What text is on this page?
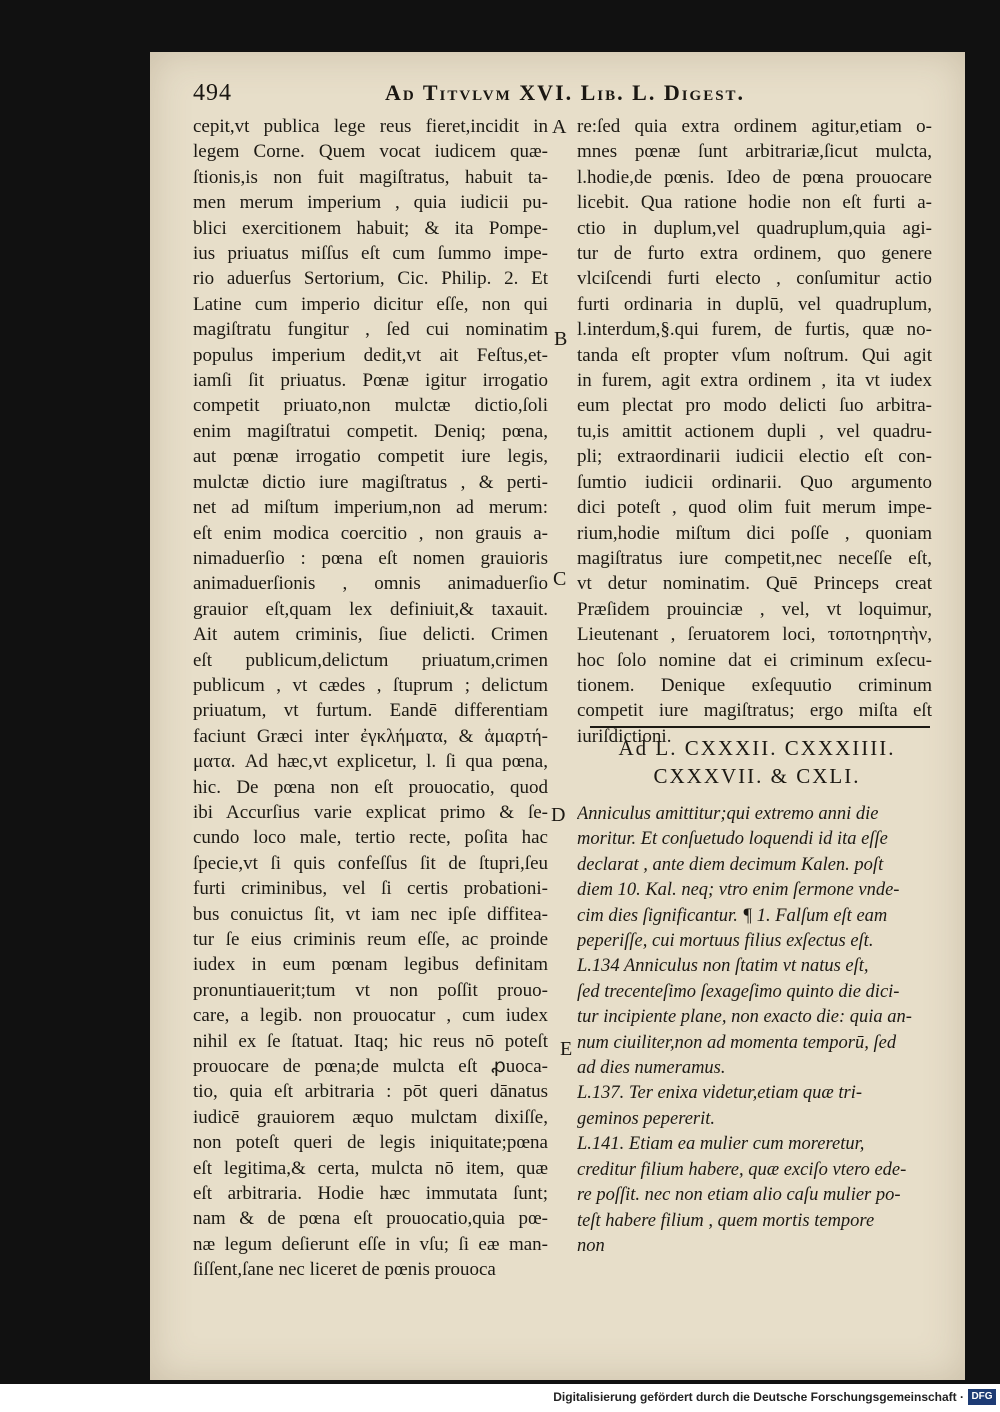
494	Ad Titvlvm XVI. Lib. L. Digest.
cepit,vt publica lege reus fieret,incidit in
legem Corne. Quem vocat iudicem quæ-
ſtionis,is non fuit magiſtratus, habuit ta-
men merum imperium , quia iudicii pu-
blici exercitionem habuit; & ita Pompe-
ius priuatus miſſus eſt cum ſummo impe-
rio aduerſus Sertorium, Cic. Philip. 2. Et
Latine cum imperio dicitur eſſe, non qui
magiſtratu fungitur , ſed cui nominatim
populus imperium dedit,vt ait Feſtus,et-
iamſi ſit priuatus. Pœnæ igitur irrogatio
competit priuato,non mulctæ dictio,ſoli
enim magiſtratui competit. Deniq; pœna,
aut pœnæ irrogatio competit iure legis,
mulctæ dictio iure magiſtratus , & perti-
net ad miſtum imperium,non ad merum:
eſt enim modica coercitio , non grauis a-
nimaduerſio : pœna eſt nomen grauioris
animaduerſionis , omnis animaduerſio
grauior eſt,quam lex definiuit,& taxauit.
Ait autem criminis, ſiue delicti. Crimen
eſt publicum,delictum priuatum,crimen
publicum , vt cædes , ſtuprum ; delictum
priuatum, vt furtum. Eandē differentiam
faciunt Græci inter ἐγκλήματα, & ἁμαρτή-
ματα. Ad hæc,vt explicetur, l. ſi qua pœna,
hic. De pœna non eſt prouocatio, quod
ibi Accurſius varie explicat primo & ſe-
cundo loco male, tertio recte, poſita hac
ſpecie,vt ſi quis confeſſus ſit de ſtupri,ſeu
furti criminibus, vel ſi certis probationi-
bus conuictus ſit, vt iam nec ipſe diffitea-
tur ſe eius criminis reum eſſe, ac proinde
iudex in eum pœnam legibus definitam
pronuntiauerit;tum vt non poſſit prouo-
care, a legib. non prouocatur , cum iudex
nihil ex ſe ſtatuat. Itaq; hic reus nō poteſt
prouocare de pœna;de mulcta eſt ꝓuoca-
tio, quia eſt arbitraria : pōt queri dānatus
iudicē grauiorem æquo mulctam dixiſſe,
non poteſt queri de legis iniquitate;pœna
eſt legitima,& certa, mulcta nō item, quæ
eſt arbitraria. Hodie hæc immutata ſunt;
nam & de pœna eſt prouocatio,quia pœ-
næ legum deſierunt eſſe in vſu; ſi eæ man-
ſiſſent,ſane nec liceret de pœnis prouoca
re:ſed quia extra ordinem agitur,etiam o-
mnes pœnæ ſunt arbitrariæ,ſicut mulcta,
l.hodie,de pœnis. Ideo de pœna prouocare
licebit. Qua ratione hodie non eſt furti a-
ctio in duplum,vel quadruplum,quia agi-
tur de furto extra ordinem, quo genere
vlciſcendi furti electo , conſumitur actio
furti ordinaria in duplū, vel quadruplum,
l.interdum,§.qui furem, de furtis, quæ no-
tanda eſt propter vſum noſtrum. Qui agit
in furem, agit extra ordinem , ita vt iudex
eum plectat pro modo delicti ſuo arbitra-
tu,is amittit actionem dupli , vel quadru-
pli; extraordinarii iudicii electio eſt con-
ſumtio iudicii ordinarii. Quo argumento
dici poteſt , quod olim fuit merum impe-
rium,hodie miſtum dici poſſe , quoniam
magiſtratus iure competit,nec neceſſe eſt,
vt detur nominatim. Quē Princeps creat
Præſidem prouinciæ , vel, vt loquimur,
Lieutenant , ſeruatorem loci, τοποτηρητὴν,
hoc ſolo nomine dat ei criminum exſecu-
tionem. Denique exſequutio criminum
competit iure magiſtratus; ergo miſta eſt
iuriſdictioni.
A
B
C
D
E
Ad L. CXXXII. CXXXIIII.
CXXXVII. & CXLI.
Anniculus amittitur;qui extremo anni die
moritur. Et conſuetudo loquendi id ita eſſe
declarat , ante diem decimum Kalen. poſt
diem 10. Kal. neq; vtro enim ſermone vnde-
cim dies ſignificantur. ¶ 1. Falſum eſt eam
peperiſſe, cui mortuus filius exſectus eſt.
L.134 Anniculus non ſtatim vt natus eſt,
ſed trecenteſimo ſexageſimo quinto die dici-
tur incipiente plane, non exacto die: quia an-
num ciuiliter,non ad momenta temporū, ſed
ad dies numeramus.
L.137. Ter enixa videtur,etiam quæ tri-
geminos pepererit.
L.141. Etiam ea mulier cum moreretur,
creditur filium habere, quæ exciſo vtero ede-
re poſſit. nec non etiam alio caſu mulier po-
teſt habere filium , quem mortis tempore
non
Digitalisierung gefördert durch die Deutsche Forschungsgemeinschaft · DFG
